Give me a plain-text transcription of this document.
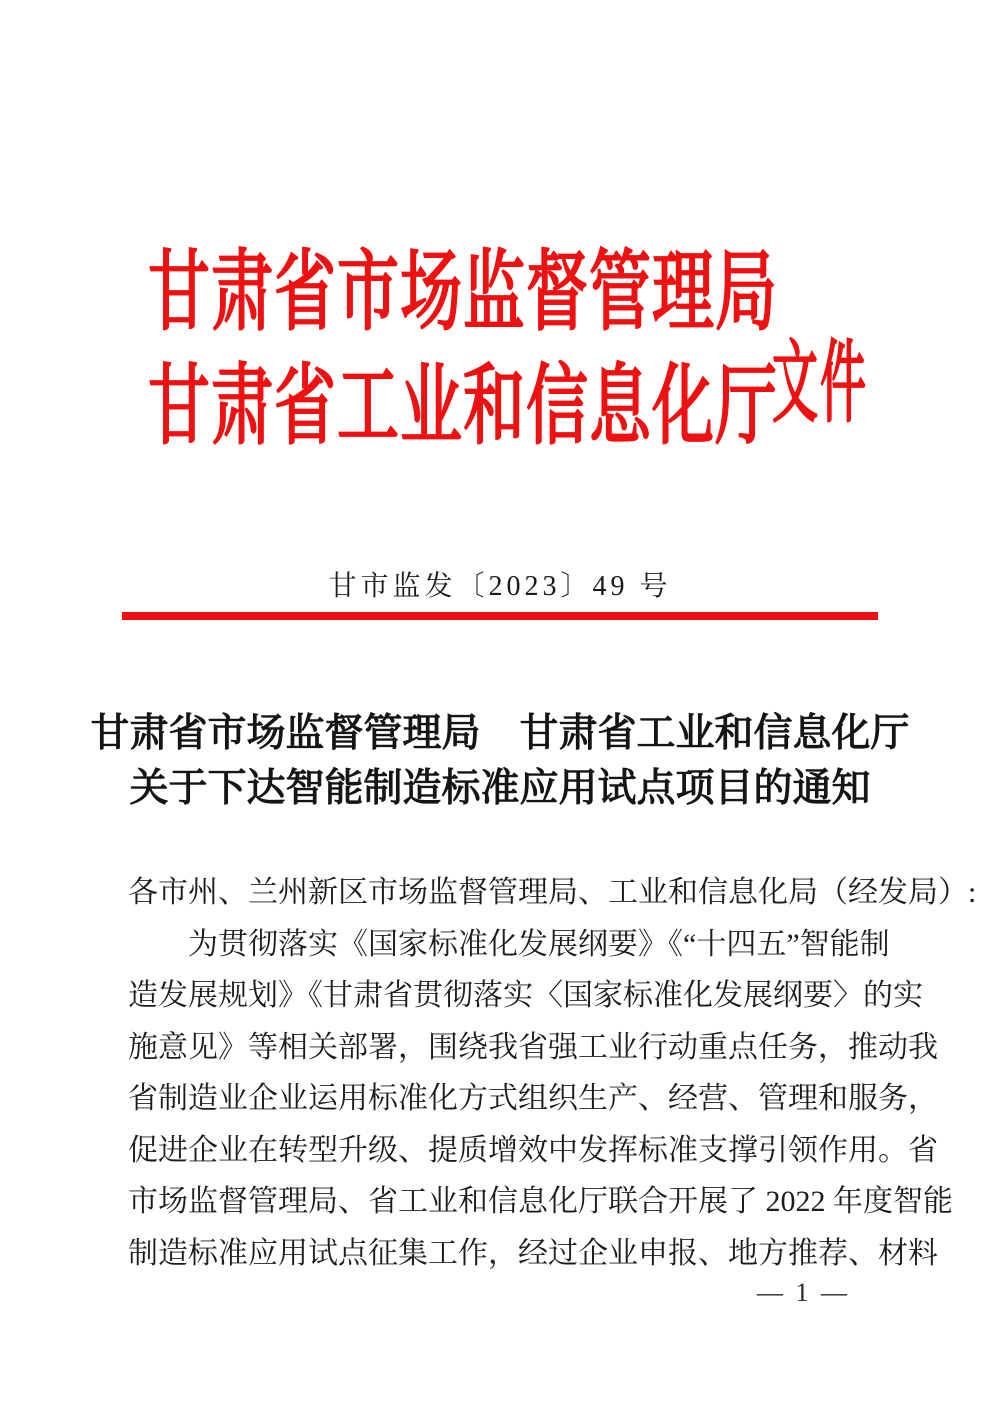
甘肃省市场监督管理局
甘肃省工业和信息化厅
文件
甘市监发〔2023〕49 号
甘肃省市场监督管理局　甘肃省工业和信息化厅
关于下达智能制造标准应用试点项目的通知
各市州、兰州新区市场监督管理局、工业和信息化局（经发局）:
为贯彻落实《国家标准化发展纲要》《“十四五”智能制
造发展规划》《甘肃省贯彻落实〈国家标准化发展纲要〉的实
施意见》等相关部署，围绕我省强工业行动重点任务，推动我
省制造业企业运用标准化方式组织生产、经营、管理和服务，
促进企业在转型升级、提质增效中发挥标准支撑引领作用。省
市场监督管理局、省工业和信息化厅联合开展了 2022 年度智能
制造标准应用试点征集工作，经过企业申报、地方推荐、材料
— 1 —
